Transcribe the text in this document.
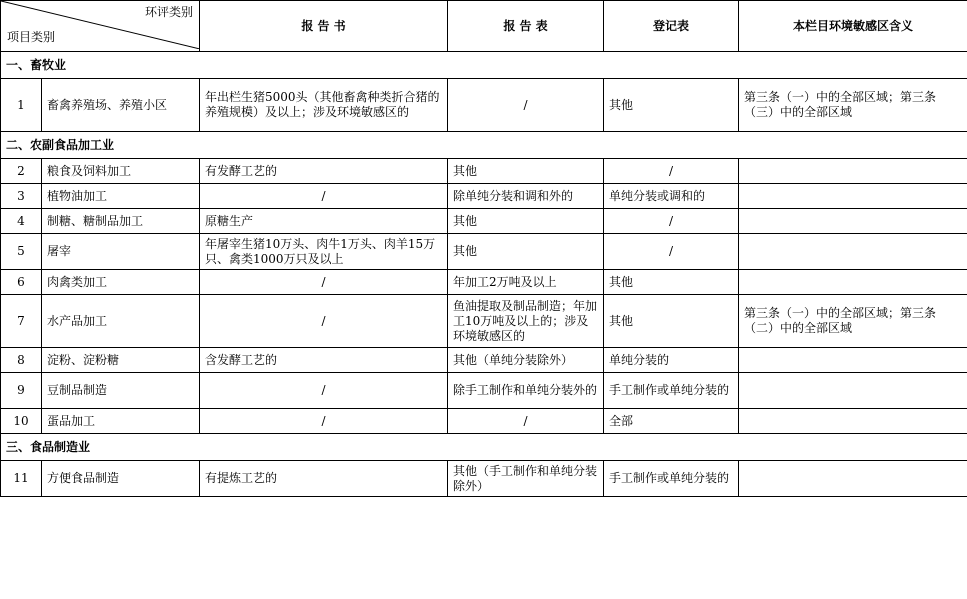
环评类别
项目类别		报 告 书	报 告 表	登记表	本栏目环境敏感区含义
一、畜牧业					
1	畜禽养殖场、养殖小区	年出栏生猪5000头（其他畜禽种类折合猪的养殖规模）及以上；涉及环境敏感区的	/	其他	第三条（一）中的全部区域；第三条（三）中的全部区域
二、农副食品加工业					
2	粮食及饲料加工	有发酵工艺的	其他	/	
3	植物油加工	/	除单纯分装和调和外的	单纯分装或调和的	
4	制糖、糖制品加工	原糖生产	其他	/	
5	屠宰	年屠宰生猪10万头、肉牛1万头、肉羊15万只、禽类1000万只及以上	其他	/	
6	肉禽类加工	/	年加工2万吨及以上	其他	
7	水产品加工	/	鱼油提取及制品制造；年加工10万吨及以上的；涉及环境敏感区的	其他	第三条（一）中的全部区域；第三条（二）中的全部区域
8	淀粉、淀粉糖	含发酵工艺的	其他（单纯分装除外）	单纯分装的	
9	豆制品制造	/	除手工制作和单纯分装外的	手工制作或单纯分装的	
10	蛋品加工	/	/	全部	
三、食品制造业					
11	方便食品制造	有提炼工艺的	其他（手工制作和单纯分装除外）	手工制作或单纯分装的	
